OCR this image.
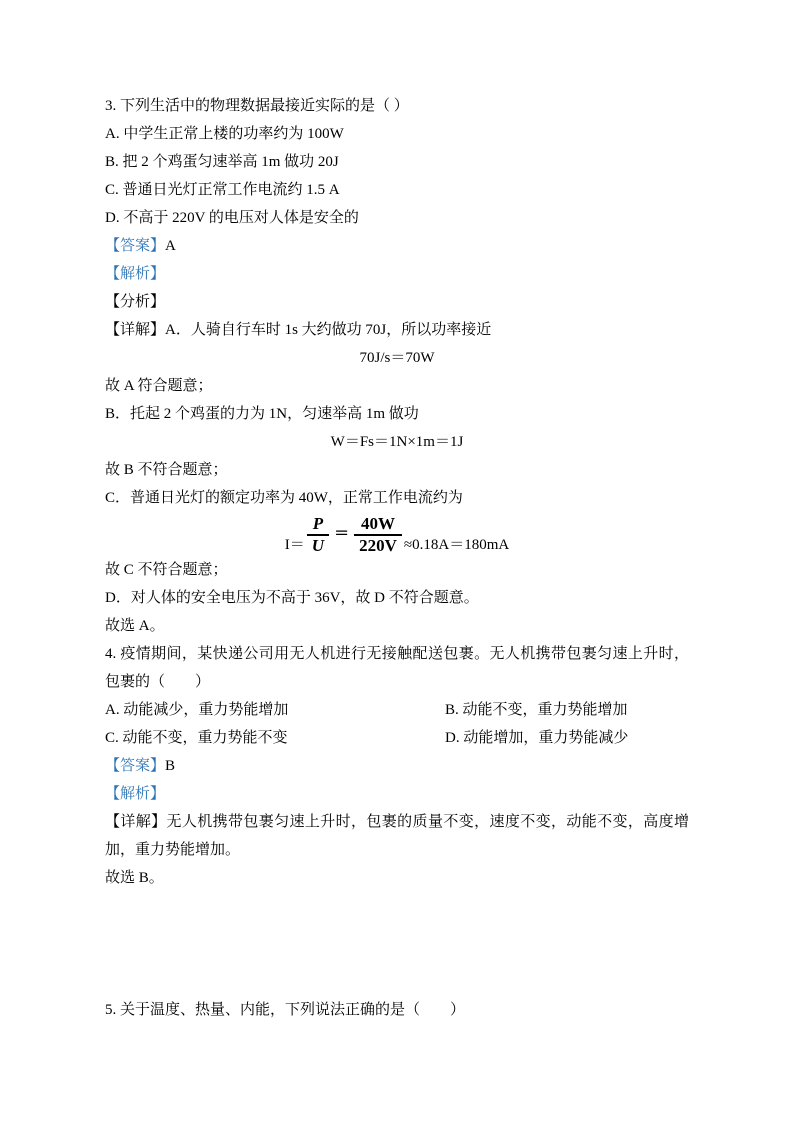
3. 下列生活中的物理数据最接近实际的是（ ）

A. 中学生正常上楼的功率约为 100W

B. 把 2 个鸡蛋匀速举高 1m 做功 20J

C. 普通日光灯正常工作电流约 1.5 A

D. 不高于 220V 的电压对人体是安全的

【答案】A

【解析】

【分析】

【详解】A．人骑自行车时 1s 大约做功 70J，所以功率接近

70J/s＝70W

故 A 符合题意；

B．托起 2 个鸡蛋的力为 1N，匀速举高 1m 做功

W＝Fs＝1N×1m＝1J

故 B 不符合题意；

C．普通日光灯的额定功率为 40W，正常工作电流约为

$I= \frac{P}{U} = \frac{40W}{220V} \approx 0.18A=180mA$

故 C 不符合题意；

D．对人体的安全电压为不高于 36V，故 D 不符合题意。

故选 A。

4. 疫情期间，某快递公司用无人机进行无接触配送包裹。无人机携带包裹匀速上升时，包裹的（　　）

A. 动能减少，重力势能增加	B. 动能不变，重力势能增加

C. 动能不变，重力势能不变	D. 动能增加，重力势能减少

【答案】B

【解析】

【详解】无人机携带包裹匀速上升时，包裹的质量不变，速度不变，动能不变，高度增加，重力势能增加。

故选 B。

5. 关于温度、热量、内能，下列说法正确的是（　　）
